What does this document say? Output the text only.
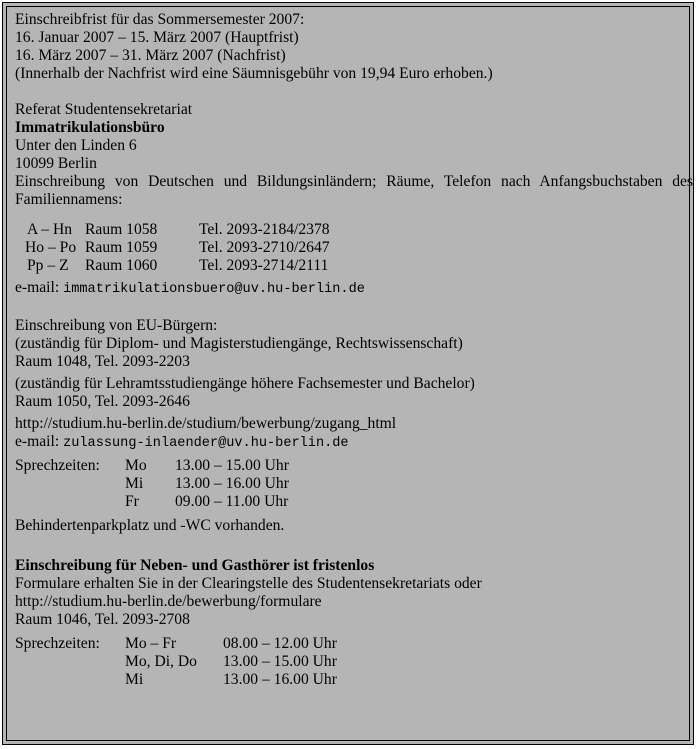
Einschreibfrist für das Sommersemester 2007:
16. Januar 2007 – 15. März 2007 (Hauptfrist)
16. März 2007 – 31. März 2007 (Nachfrist)
(Innerhalb der Nachfrist wird eine Säumnisgebühr von 19,94 Euro erhoben.)
Referat Studentensekretariat
Immatrikulationsbüro
Unter den Linden 6
10099 Berlin
Einschreibung von Deutschen und Bildungsinländern; Räume, Telefon nach Anfangsbuchstaben des Familiennamens:
A – Hn	Raum 1058	Tel. 2093-2184/2378
Ho – Po	Raum 1059	Tel. 2093-2710/2647
Pp – Z	Raum 1060	Tel. 2093-2714/2111
e-mail: immatrikulationsbuero@uv.hu-berlin.de
Einschreibung von EU-Bürgern:
(zuständig für Diplom- und Magisterstudiengänge, Rechtswissenschaft)
Raum 1048, Tel. 2093-2203
(zuständig für Lehramtsstudiengänge höhere Fachsemester und Bachelor)
Raum 1050, Tel. 2093-2646
http://studium.hu-berlin.de/studium/bewerbung/zugang_html
e-mail: zulassung-inlaender@uv.hu-berlin.de
Sprechzeiten:	Mo	13.00 – 15.00 Uhr
	Mi	13.00 – 16.00 Uhr
	Fr	09.00 – 11.00 Uhr
Behindertenparkplatz und -WC vorhanden.
Einschreibung für Neben- und Gasthörer ist fristenlos
Formulare erhalten Sie in der Clearingstelle des Studentensekretariats oder
http://studium.hu-berlin.de/bewerbung/formulare
Raum 1046, Tel. 2093-2708
Sprechzeiten:	Mo – Fr	08.00 – 12.00 Uhr
	Mo, Di, Do	13.00 – 15.00 Uhr
	Mi	13.00 – 16.00 Uhr
